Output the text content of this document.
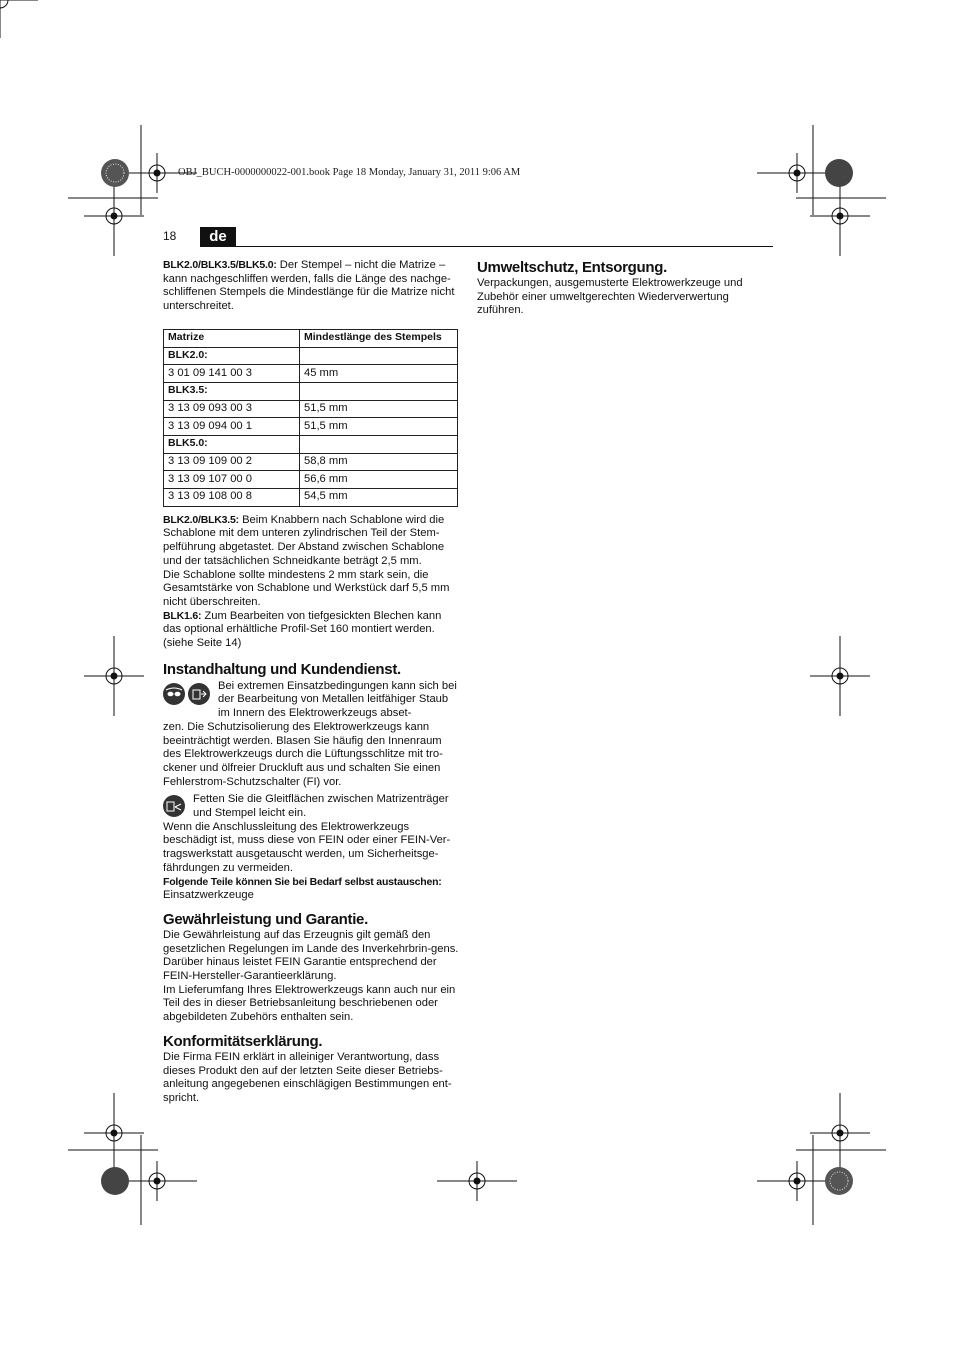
OBJ_BUCH-0000000022-001.book Page 18 Monday, January 31, 2011 9:06 AM
18	de

BLK2.0/BLK3.5/BLK5.0: Der Stempel – nicht die Matrize – kann nachgeschliffen werden, falls die Länge des nachge-schliffenen Stempels die Mindestlänge für die Matrize nicht unterschreitet.

Matrize	Mindestlänge des Stempels
BLK2.0:	
3 01 09 141 00 3	45 mm
BLK3.5:	
3 13 09 093 00 3	51,5 mm
3 13 09 094 00 1	51,5 mm
BLK5.0:	
3 13 09 109 00 2	58,8 mm
3 13 09 107 00 0	56,6 mm
3 13 09 108 00 8	54,5 mm

BLK2.0/BLK3.5: Beim Knabbern nach Schablone wird die Schablone mit dem unteren zylindrischen Teil der Stem-pelführung abgetastet. Der Abstand zwischen Schablone und der tatsächlichen Schneidkante beträgt 2,5 mm.

Die Schablone sollte mindestens 2 mm stark sein, die Gesamtstärke von Schablone und Werkstück darf 5,5 mm nicht überschreiten.

BLK1.6: Zum Bearbeiten von tiefgesickten Blechen kann das optional erhältliche Profil-Set 160 montiert werden. (siehe Seite 14)

Instandhaltung und Kundendienst.

Bei extremen Einsatzbedingungen kann sich bei der Bearbeitung von Metallen leitfähiger Staub im Innern des Elektrowerkzeugs abset-

zen. Die Schutzisolierung des Elektrowerkzeugs kann beeinträchtigt werden. Blasen Sie häufig den Innenraum des Elektrowerkzeugs durch die Lüftungsschlitze mit tro-ckener und ölfreier Druckluft aus und schalten Sie einen Fehlerstrom-Schutzschalter (FI) vor.

Fetten Sie die Gleitflächen zwischen Matrizenträger und Stempel leicht ein.

Wenn die Anschlussleitung des Elektrowerkzeugs beschädigt ist, muss diese von FEIN oder einer FEIN-Ver-tragswerkstatt ausgetauscht werden, um Sicherheitsge-fährdungen zu vermeiden.

Folgende Teile können Sie bei Bedarf selbst austauschen:

Einsatzwerkzeuge

Gewährleistung und Garantie.

Die Gewährleistung auf das Erzeugnis gilt gemäß den gesetzlichen Regelungen im Lande des Inverkehrbrin-gens. Darüber hinaus leistet FEIN Garantie entsprechend der FEIN-Hersteller-Garantieerklärung.

Im Lieferumfang Ihres Elektrowerkzeugs kann auch nur ein Teil des in dieser Betriebsanleitung beschriebenen oder abgebildeten Zubehörs enthalten sein.

Konformitätserklärung.

Die Firma FEIN erklärt in alleiniger Verantwortung, dass dieses Produkt den auf der letzten Seite dieser Betriebs-anleitung angegebenen einschlägigen Bestimmungen ent-spricht.

Umweltschutz, Entsorgung.

Verpackungen, ausgemusterte Elektrowerkzeuge und Zubehör einer umweltgerechten Wiederverwertung zuführen.
